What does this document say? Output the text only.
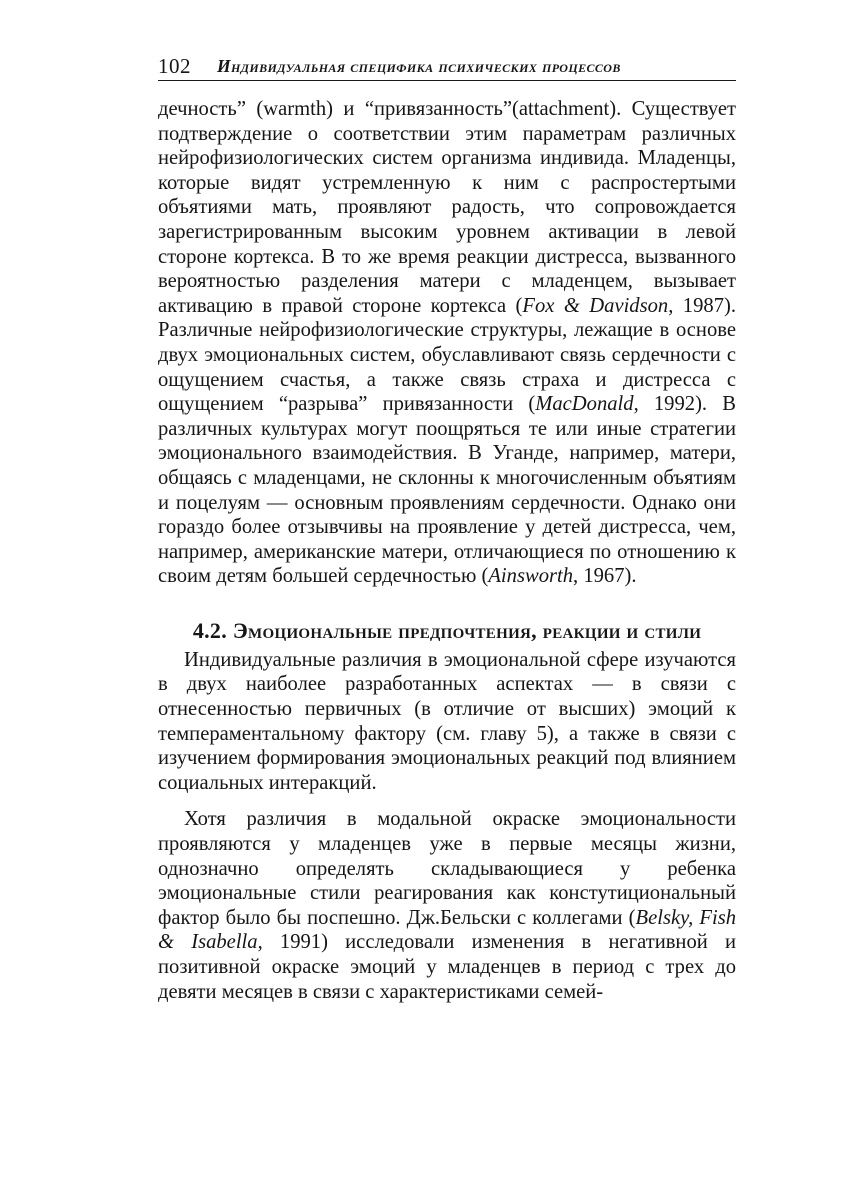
102 Индивидуальная специфика психических процессов

дечность” (warmth) и “привязанность”(attachment). Существует подтверждение о соответствии этим параметрам различных нейрофизиологических систем организма индивида. Младенцы, которые видят устремленную к ним с распростертыми объятиями мать, проявляют радость, что сопровождается зарегистрированным высоким уровнем активации в левой стороне кортекса. В то же время реакции дистресса, вызванного вероятностью разделения матери с младенцем, вызывает активацию в правой стороне кортекса (Fox & Davidson, 1987). Различные нейрофизиологические структуры, лежащие в основе двух эмоциональных систем, обуславливают связь сердечности с ощущением счастья, а также связь страха и дистресса с ощущением “разрыва” привязанности (MacDonald, 1992). В различных культурах могут поощряться те или иные стратегии эмоционального взаимодействия. В Уганде, например, матери, общаясь с младенцами, не склонны к многочисленным объятиям и поцелуям — основным проявлениям сердечности. Однако они гораздо более отзывчивы на проявление у детей дистресса, чем, например, американские матери, отличающиеся по отношению к своим детям большей сердечностью (Ainsworth, 1967).

4.2. Эмоциональные предпочтения, реакции и стили

Индивидуальные различия в эмоциональной сфере изучаются в двух наиболее разработанных аспектах — в связи с отнесенностью первичных (в отличие от высших) эмоций к темпераментальному фактору (см. главу 5), а также в связи с изучением формирования эмоциональных реакций под влиянием социальных интеракций.

Хотя различия в модальной окраске эмоциональности проявляются у младенцев уже в первые месяцы жизни, однозначно определять складывающиеся у ребенка эмоциональные стили реагирования как констутициональный фактор было бы поспешно. Дж.Бельски с коллегами (Belsky, Fish & Isabella, 1991) исследовали изменения в негативной и позитивной окраске эмоций у младенцев в период с трех до девяти месяцев в связи с характеристиками семей-
